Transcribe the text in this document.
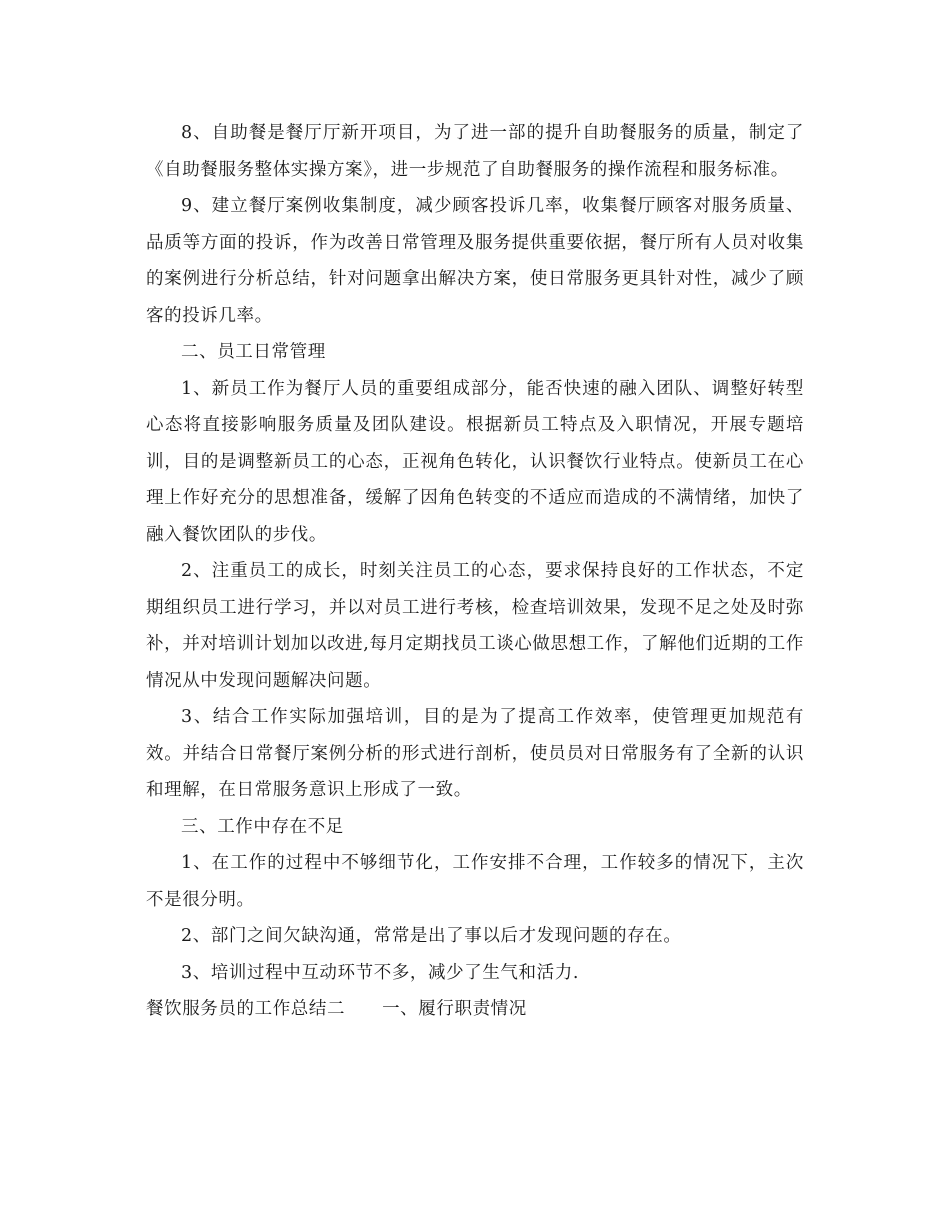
8、自助餐是餐厅厅新开项目，为了进一部的提升自助餐服务的质量，制定了《自助餐服务整体实操方案》，进一步规范了自助餐服务的操作流程和服务标准。

9、建立餐厅案例收集制度，减少顾客投诉几率，收集餐厅顾客对服务质量、品质等方面的投诉，作为改善日常管理及服务提供重要依据，餐厅所有人员对收集的案例进行分析总结，针对问题拿出解决方案，使日常服务更具针对性，减少了顾客的投诉几率。

二、员工日常管理

1、新员工作为餐厅人员的重要组成部分，能否快速的融入团队、调整好转型心态将直接影响服务质量及团队建设。根据新员工特点及入职情况，开展专题培训，目的是调整新员工的心态，正视角色转化，认识餐饮行业特点。使新员工在心理上作好充分的思想准备，缓解了因角色转变的不适应而造成的不满情绪，加快了融入餐饮团队的步伐。

2、注重员工的成长，时刻关注员工的心态，要求保持良好的工作状态，不定期组织员工进行学习，并以对员工进行考核，检查培训效果，发现不足之处及时弥补，并对培训计划加以改进,每月定期找员工谈心做思想工作，了解他们近期的工作情况从中发现问题解决问题。

3、结合工作实际加强培训，目的是为了提高工作效率，使管理更加规范有效。并结合日常餐厅案例分析的形式进行剖析，使员员对日常服务有了全新的认识和理解，在日常服务意识上形成了一致。

三、工作中存在不足

1、在工作的过程中不够细节化，工作安排不合理，工作较多的情况下，主次不是很分明。

2、部门之间欠缺沟通，常常是出了事以后才发现问题的存在。

3、培训过程中互动环节不多，减少了生气和活力.

餐饮服务员的工作总结二      一、履行职责情况
